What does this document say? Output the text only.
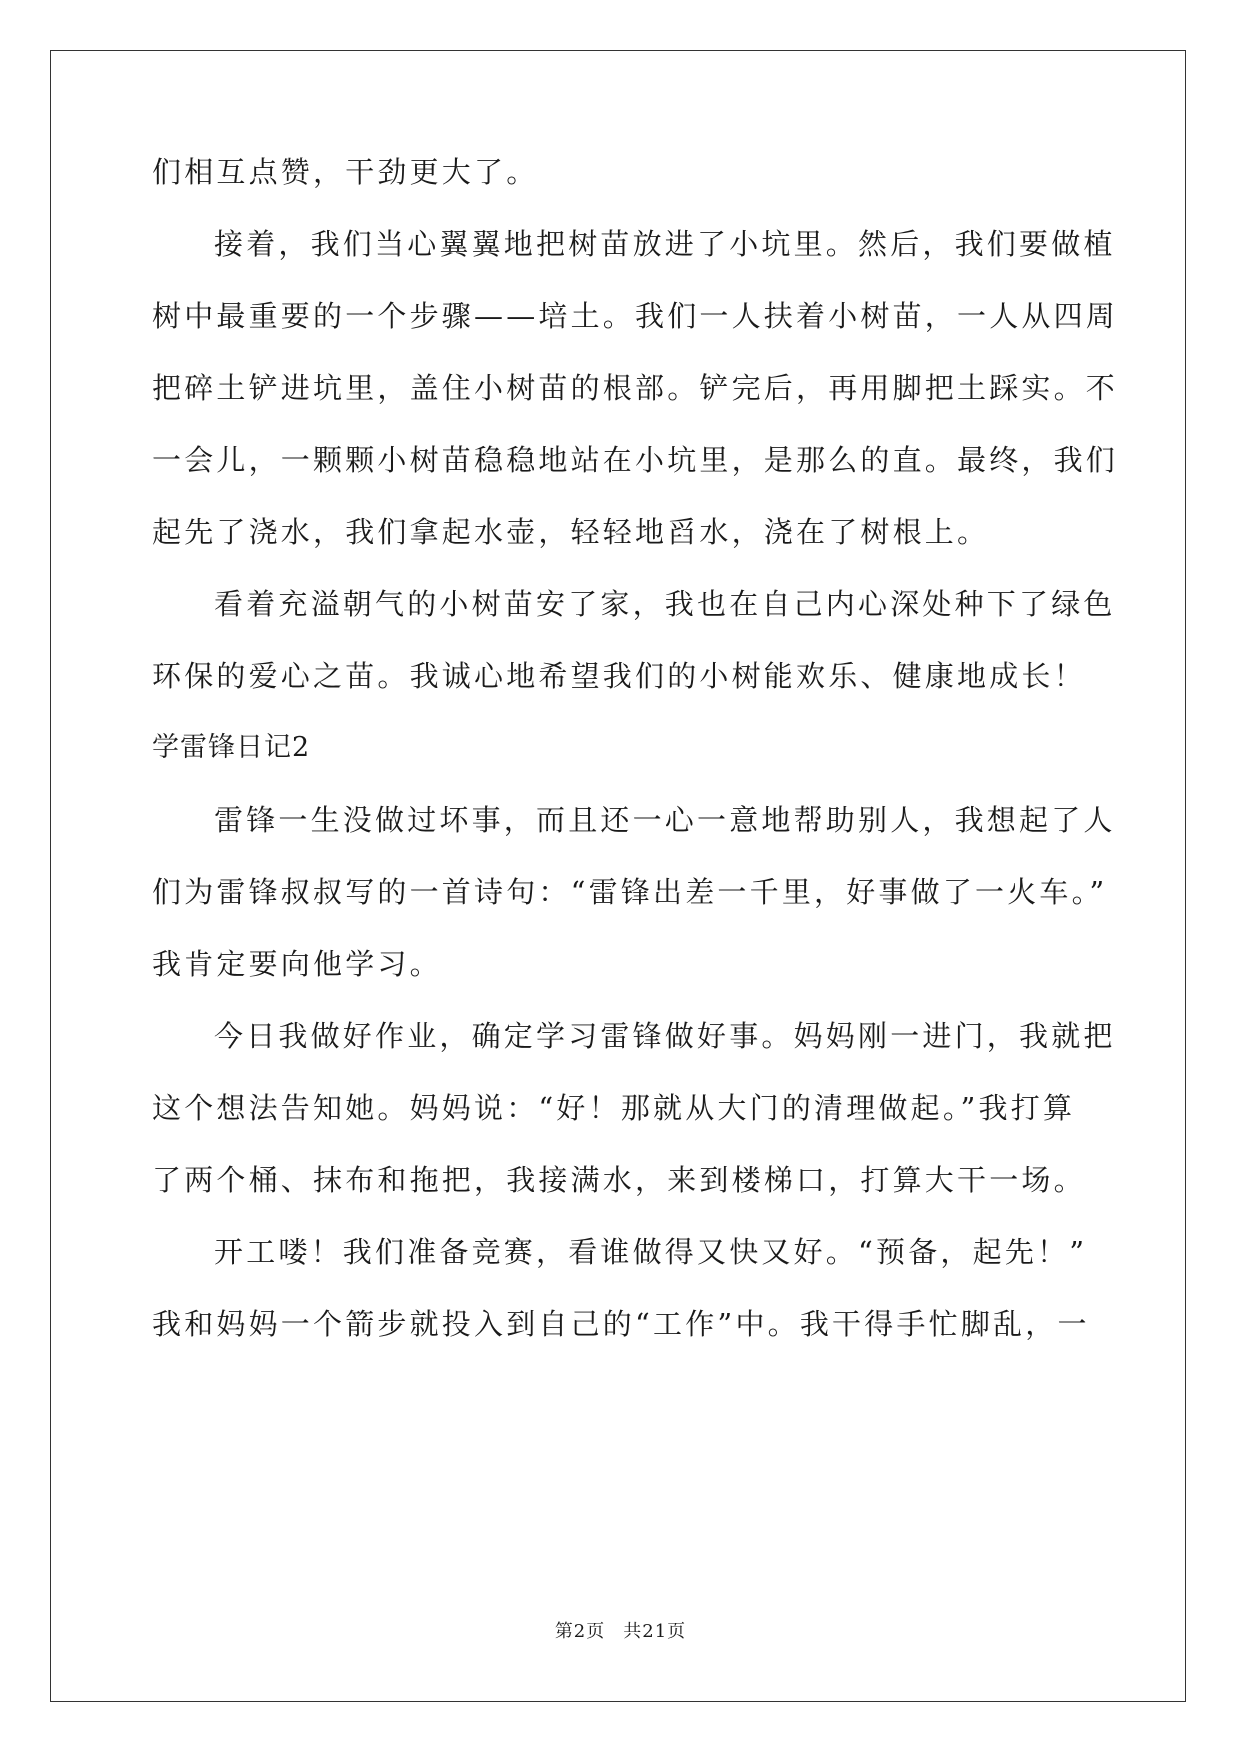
们相互点赞，干劲更大了。
接着，我们当心翼翼地把树苗放进了小坑里。然后，我们要做植
树中最重要的一个步骤——培土。我们一人扶着小树苗，一人从四周
把碎土铲进坑里，盖住小树苗的根部。铲完后，再用脚把土踩实。不
一会儿，一颗颗小树苗稳稳地站在小坑里，是那么的直。最终，我们
起先了浇水，我们拿起水壶，轻轻地舀水，浇在了树根上。
看着充溢朝气的小树苗安了家，我也在自己内心深处种下了绿色
环保的爱心之苗。我诚心地希望我们的小树能欢乐、健康地成长！
学雷锋日记2
雷锋一生没做过坏事，而且还一心一意地帮助别人，我想起了人
们为雷锋叔叔写的一首诗句：“雷锋出差一千里，好事做了一火车。”
我肯定要向他学习。
今日我做好作业，确定学习雷锋做好事。妈妈刚一进门，我就把
这个想法告知她。妈妈说：“好！那就从大门的清理做起。”我打算
了两个桶、抹布和拖把，我接满水，来到楼梯口，打算大干一场。
开工喽！我们准备竞赛，看谁做得又快又好。“预备，起先！”
我和妈妈一个箭步就投入到自己的“工作”中。我干得手忙脚乱，一
第2页 共21页
